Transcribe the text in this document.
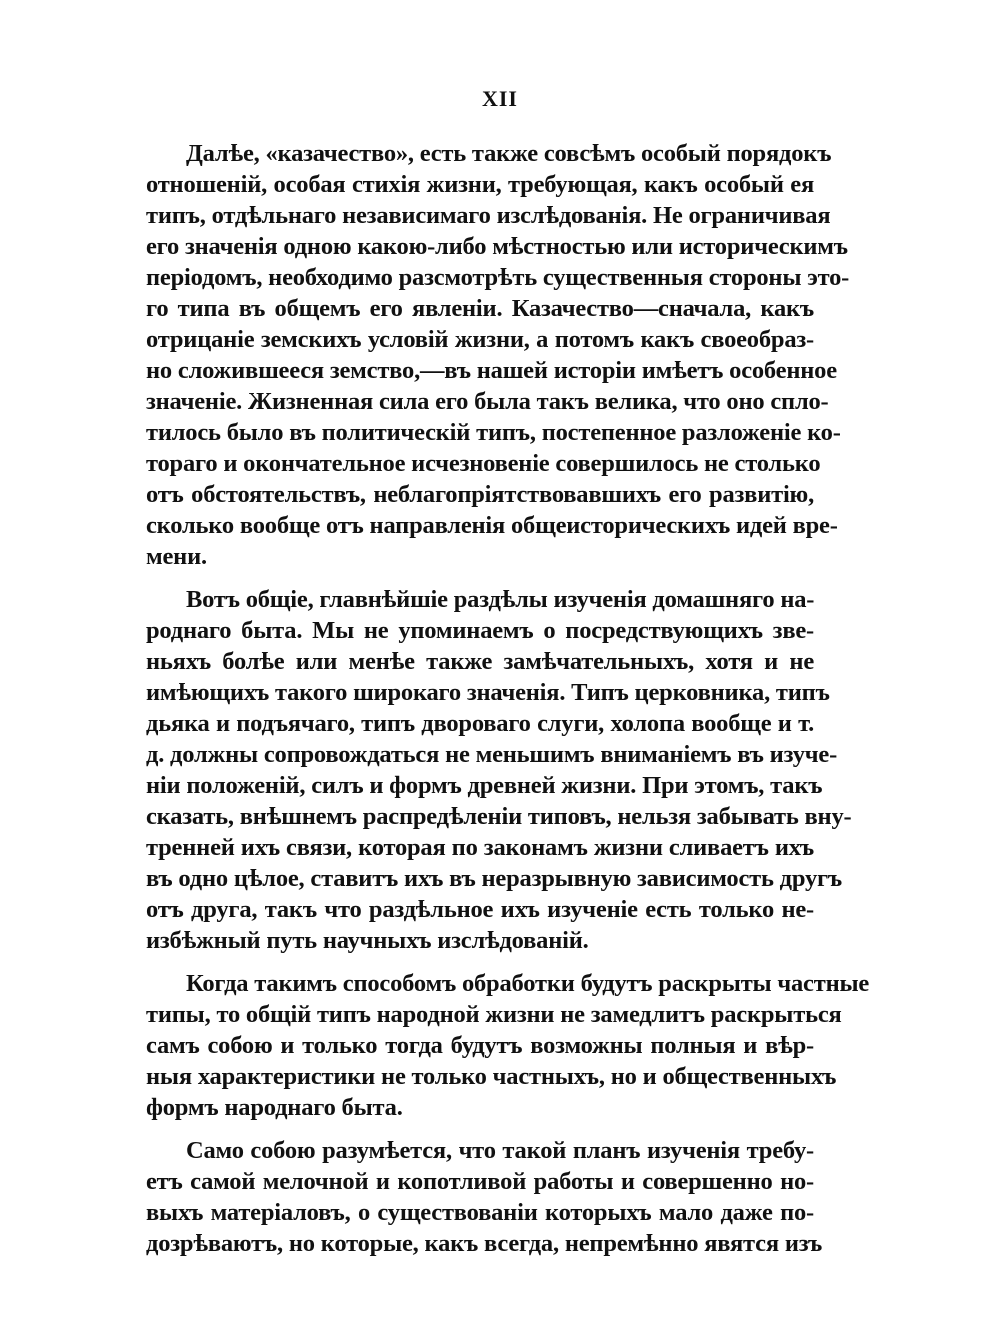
XII

Далѣе, «казачество», есть также совсѣмъ особый порядокъ
отношеній, особая стихія жизни, требующая, какъ особый ея
типъ, отдѣльнаго независимаго изслѣдованія. Не ограничивая
его значенія одною какою-либо мѣстностью или историческимъ
періодомъ, необходимо разсмотрѣть существенныя стороны это-
го типа въ общемъ его явленіи. Казачество—сначала, какъ
отрицаніе земскихъ условій жизни, а потомъ какъ своеобраз-
но сложившееся земство,—въ нашей исторіи имѣетъ особенное
значеніе. Жизненная сила его была такъ велика, что оно спло-
тилось было въ политическій типъ, постепенное разложеніе ко-
тораго и окончательное исчезновеніе совершилось не столько
отъ обстоятельствъ, неблагопріятствовавшихъ его развитію,
сколько вообще отъ направленія общеисторическихъ идей вре-
мени.

Вотъ общіе, главнѣйшіе раздѣлы изученія домашняго на-
роднаго быта. Мы не упоминаемъ о посредствующихъ зве-
ньяхъ болѣе или менѣе также замѣчательныхъ, хотя и не
имѣющихъ такого широкаго значенія. Типъ церковника, типъ
дьяка и подъячаго, типъ двороваго слуги, холопа вообще и т.
д. должны сопровождаться не меньшимъ вниманіемъ въ изуче-
ніи положеній, силъ и формъ древней жизни. При этомъ, такъ
сказать, внѣшнемъ распредѣленіи типовъ, нельзя забывать вну-
тренней ихъ связи, которая по законамъ жизни сливаетъ ихъ
въ одно цѣлое, ставитъ ихъ въ неразрывную зависимость другъ
отъ друга, такъ что раздѣльное ихъ изученіе есть только не-
избѣжный путь научныхъ изслѣдованій.

Когда такимъ способомъ обработки будутъ раскрыты частные
типы, то общій типъ народной жизни не замедлитъ раскрыться
самъ собою и только тогда будутъ возможны полныя и вѣр-
ныя характеристики не только частныхъ, но и общественныхъ
формъ народнаго быта.

Само собою разумѣется, что такой планъ изученія требу-
етъ самой мелочной и копотливой работы и совершенно но-
выхъ матеріаловъ, о существованіи которыхъ мало даже по-
дозрѣваютъ, но которые, какъ всегда, непремѣнно явятся изъ
